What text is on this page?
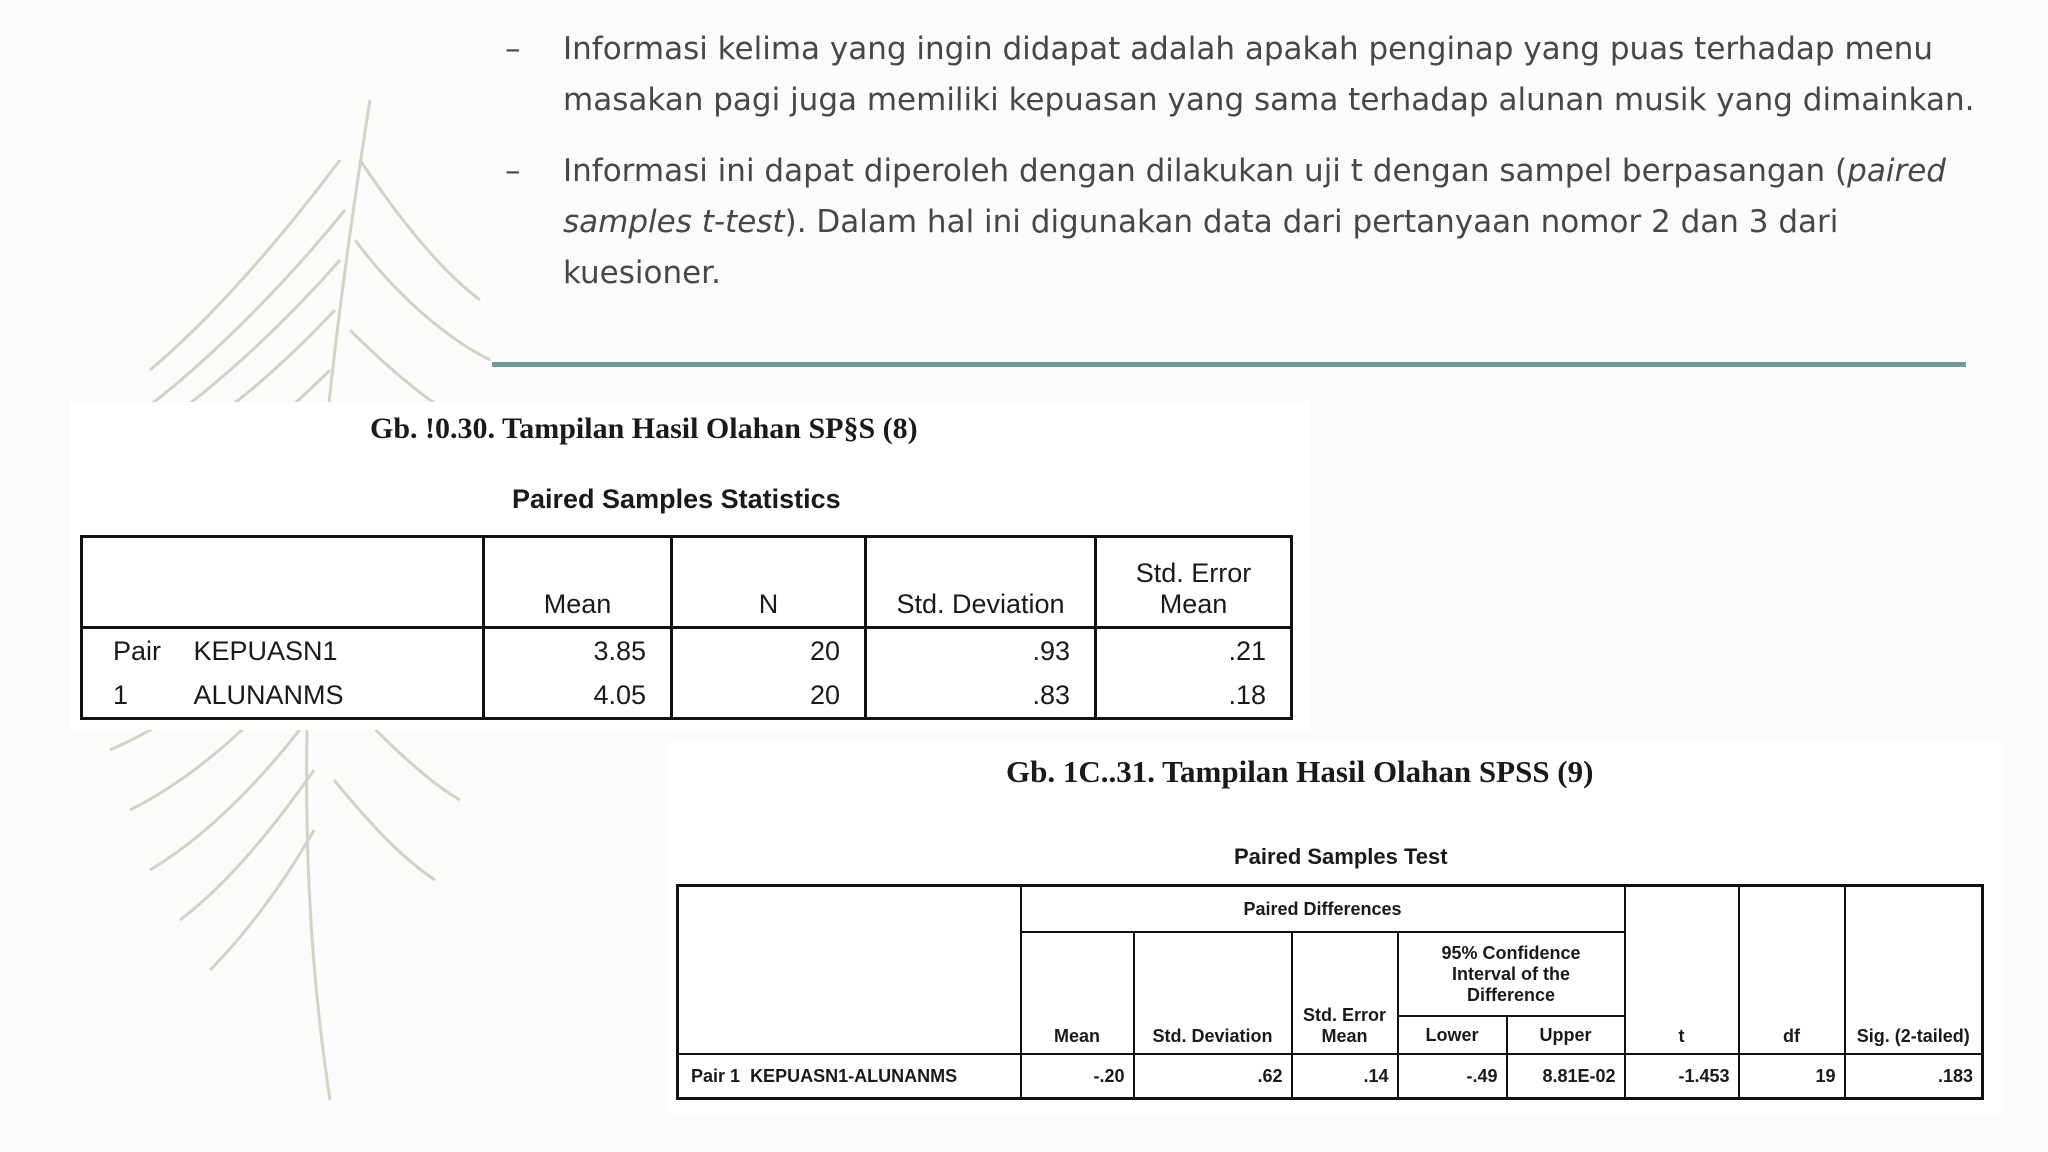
– Informasi kelima yang ingin didapat adalah apakah penginap yang puas terhadap menu masakan pagi juga memiliki kepuasan yang sama terhadap alunan musik yang dimainkan.
– Informasi ini dapat diperoleh dengan dilakukan uji t dengan sampel berpasangan (paired samples t-test). Dalam hal ini digunakan data dari pertanyaan nomor 2 dan 3 dari kuesioner.
Gb. !0.30. Tampilan Hasil Olahan SP§S (8)
Paired Samples Statistics
		Mean	N	Std. Deviation	Std. Error
Mean
Pair	KEPUASN1	3.85	20	.93	.21
1	ALUNANMS	4.05	20	.83	.18
Gb. 1C..31. Tampilan Hasil Olahan SPSS (9)
Paired Samples Test
	Paired Differences					t	df	Sig. (2-tailed)
	Mean	Std. Deviation	Std. Error Mean	95% Confidence Interval of the Difference				
				Lower	Upper			
Pair 1 KEPUASN1-ALUNANMS	-.20	.62	.14	-.49	8.81E-02	-1.453	19	.183
